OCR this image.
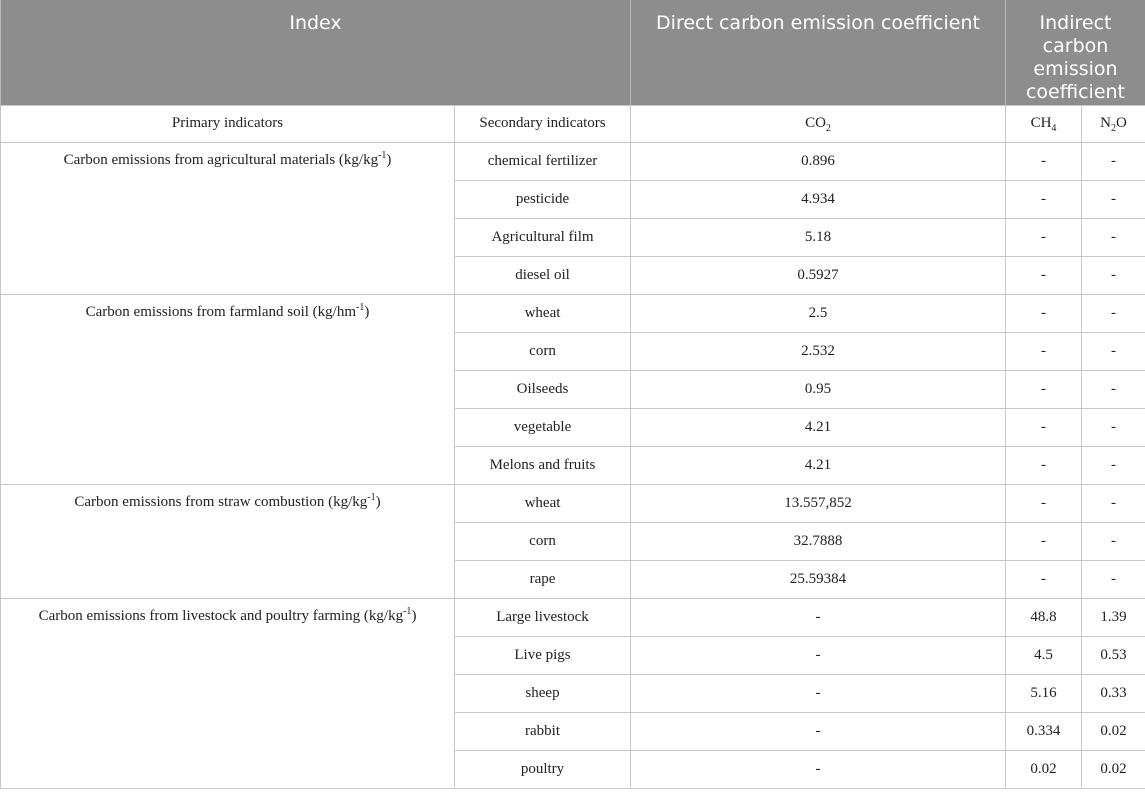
Index		Direct carbon emission coefficient	Indirect carbon emission coefficient	
Primary indicators	Secondary indicators	$CO_2$	$CH_4$	$N_2O$
Carbon emissions from agricultural materials $(kg/kg^{-1})$	chemical fertilizer	0.896	-	-
	pesticide	4.934	-	-
	Agricultural film	5.18	-	-
	diesel oil	0.5927	-	-
Carbon emissions from farmland soil $(kg/hm^{-1})$	wheat	2.5	-	-
	corn	2.532	-	-
	Oilseeds	0.95	-	-
	vegetable	4.21	-	-
	Melons and fruits	4.21	-	-
Carbon emissions from straw combustion $(kg/kg^{-1})$	wheat	13.557,852	-	-
	corn	32.7888	-	-
	rape	25.59384	-	-
Carbon emissions from livestock and poultry farming $(kg/kg^{-1})$	Large livestock	-	48.8	1.39
	Live pigs	-	4.5	0.53
	sheep	-	5.16	0.33
	rabbit	-	0.334	0.02
	poultry	-	0.02	0.02
